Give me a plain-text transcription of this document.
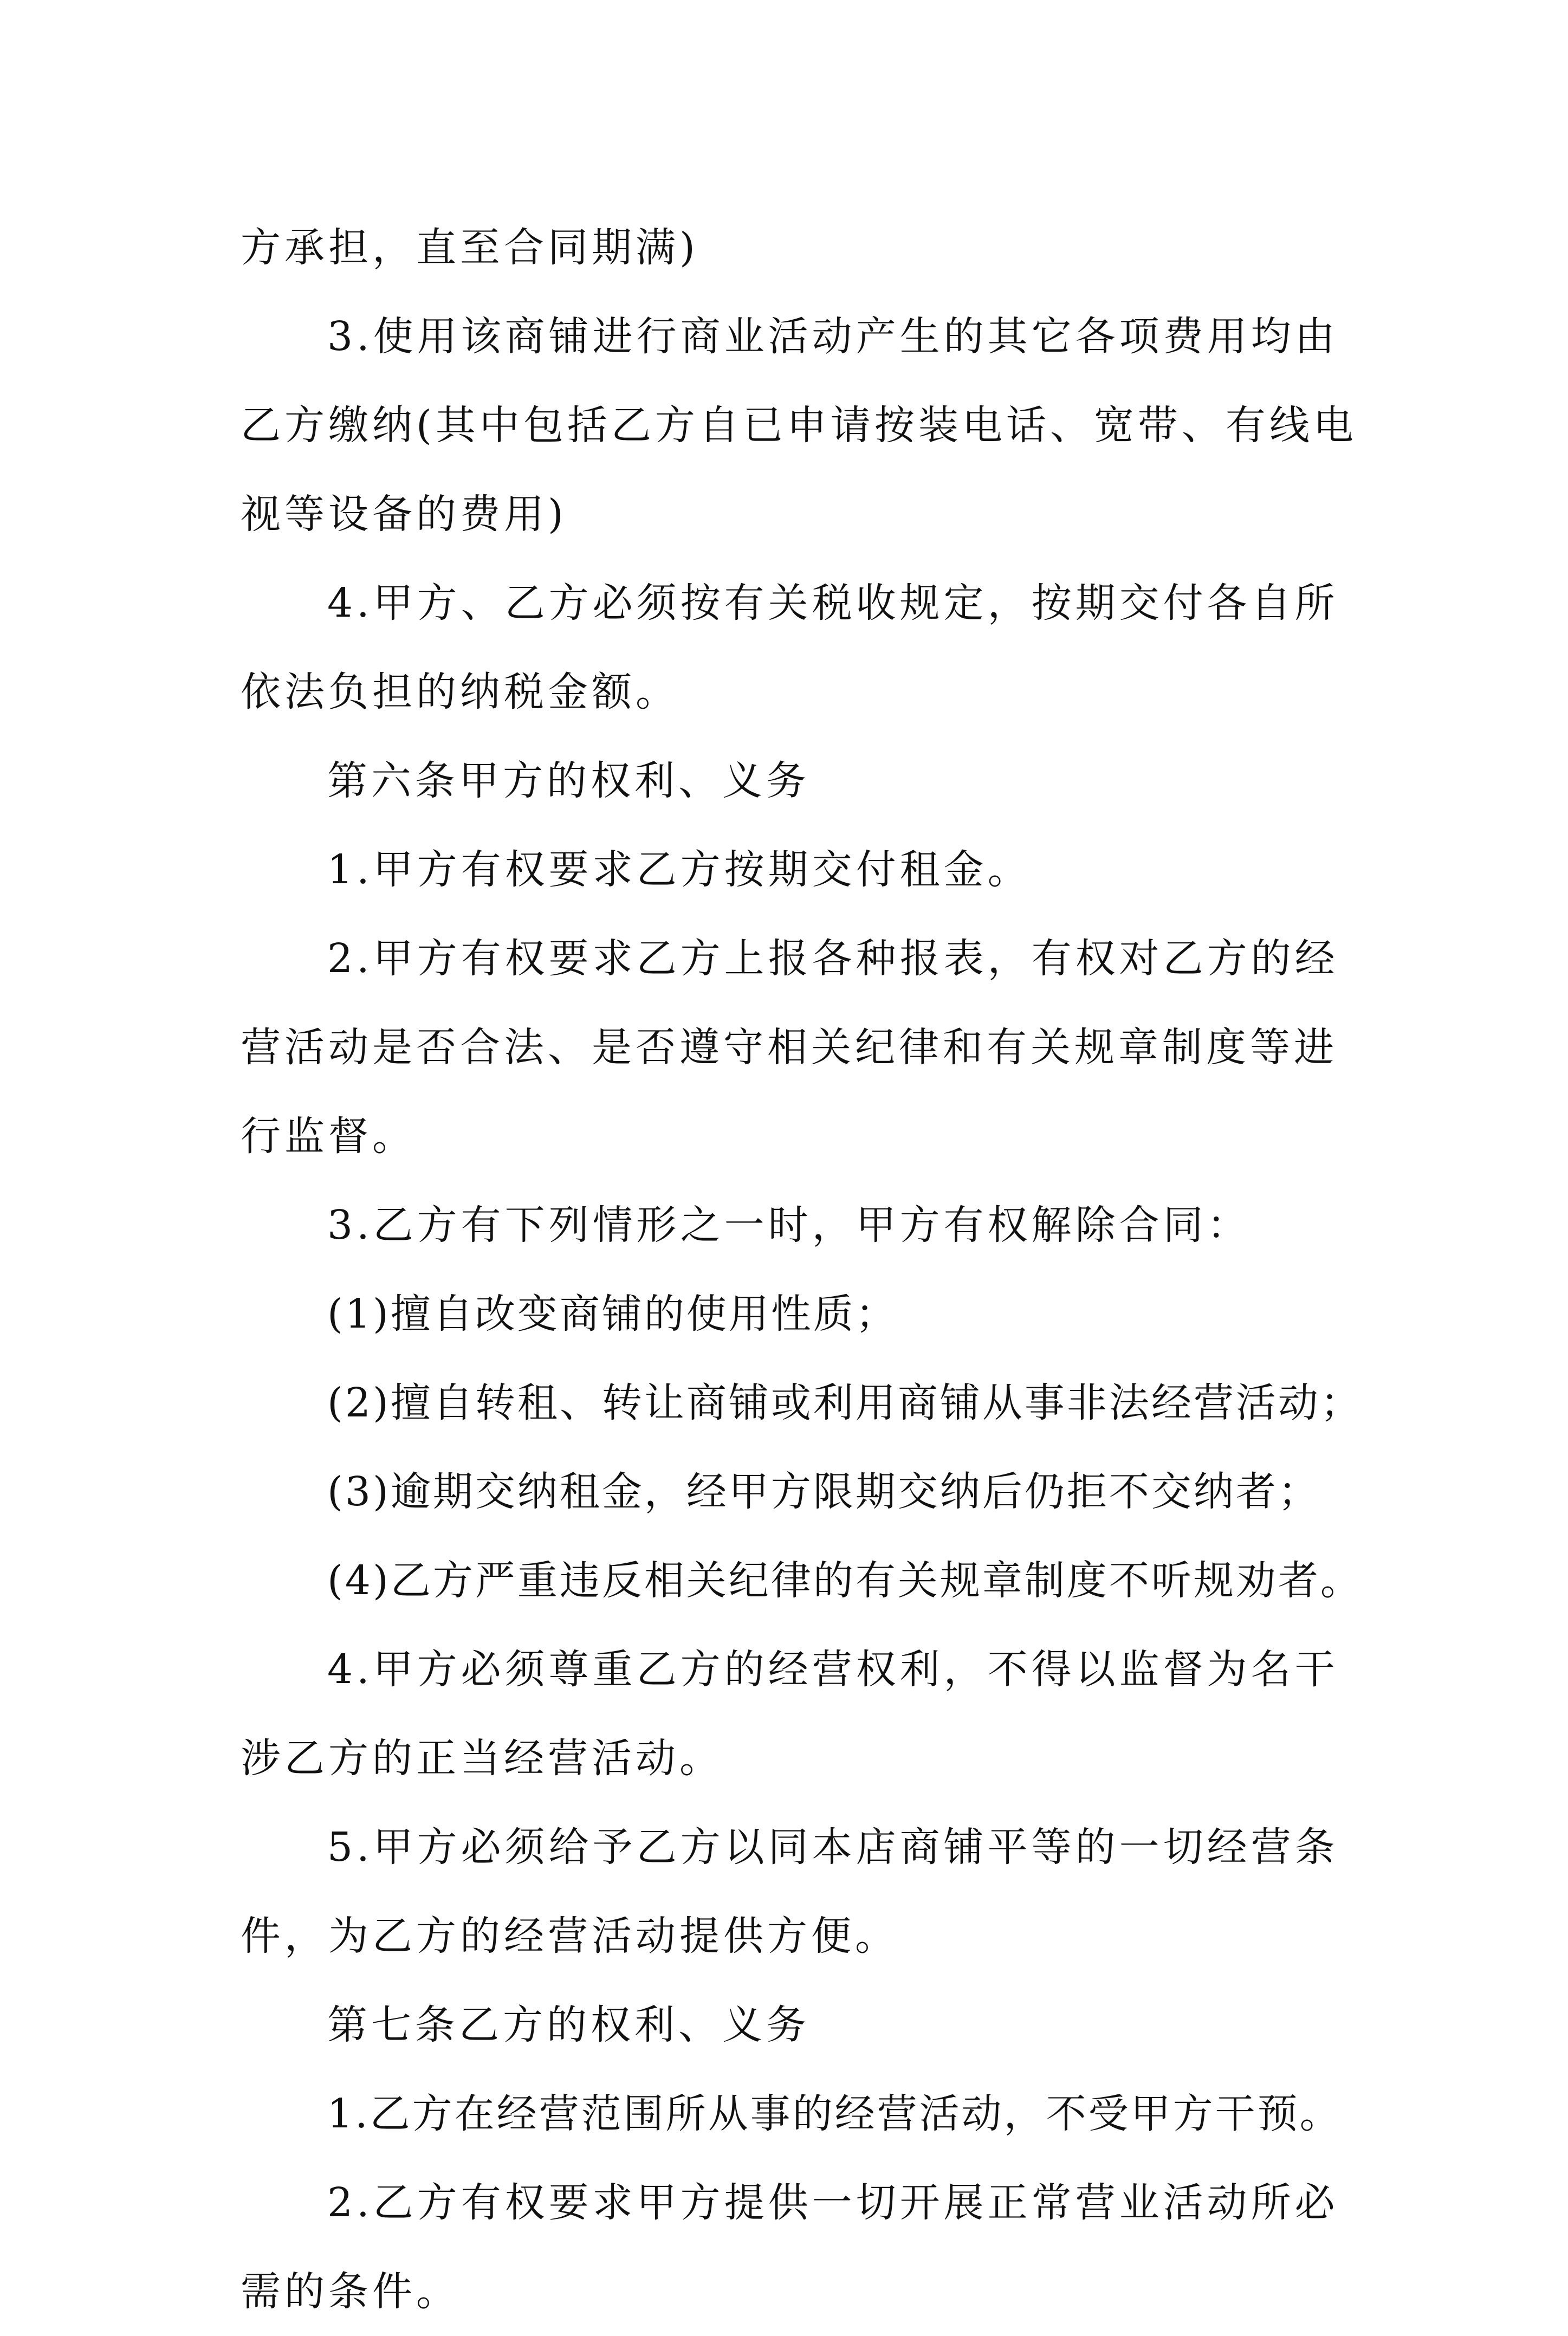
方承担，直至合同期满)

3.使用该商铺进行商业活动产生的其它各项费用均由乙方缴纳(其中包括乙方自已申请按装电话、宽带、有线电视等设备的费用)

4.甲方、乙方必须按有关税收规定，按期交付各自所依法负担的纳税金额。

第六条甲方的权利、义务

1.甲方有权要求乙方按期交付租金。

2.甲方有权要求乙方上报各种报表，有权对乙方的经营活动是否合法、是否遵守相关纪律和有关规章制度等进行监督。

3.乙方有下列情形之一时，甲方有权解除合同：

(1)擅自改变商铺的使用性质；

(2)擅自转租、转让商铺或利用商铺从事非法经营活动；

(3)逾期交纳租金，经甲方限期交纳后仍拒不交纳者；

(4)乙方严重违反相关纪律的有关规章制度不听规劝者。

4.甲方必须尊重乙方的经营权利，不得以监督为名干涉乙方的正当经营活动。

5.甲方必须给予乙方以同本店商铺平等的一切经营条件，为乙方的经营活动提供方便。

第七条乙方的权利、义务

1.乙方在经营范围所从事的经营活动，不受甲方干预。

2.乙方有权要求甲方提供一切开展正常营业活动所必需的条件。
